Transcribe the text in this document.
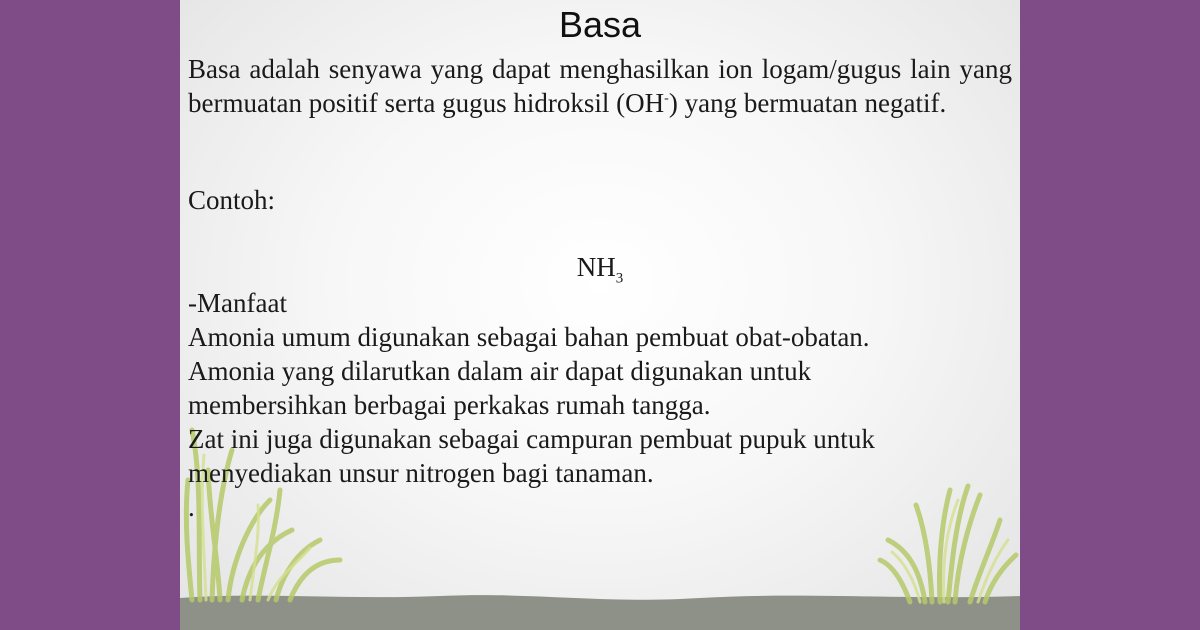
Basa

Basa adalah senyawa yang dapat menghasilkan ion logam/gugus lain yang bermuatan positif serta gugus hidroksil (OH-) yang bermuatan negatif.

Contoh:
$NH_3$
-Manfaat
Amonia umum digunakan sebagai bahan pembuat obat-obatan.
Amonia yang dilarutkan dalam air dapat digunakan untuk
membersihkan berbagai perkakas rumah tangga.
Zat ini juga digunakan sebagai campuran pembuat pupuk untuk
menyediakan unsur nitrogen bagi tanaman.
.
